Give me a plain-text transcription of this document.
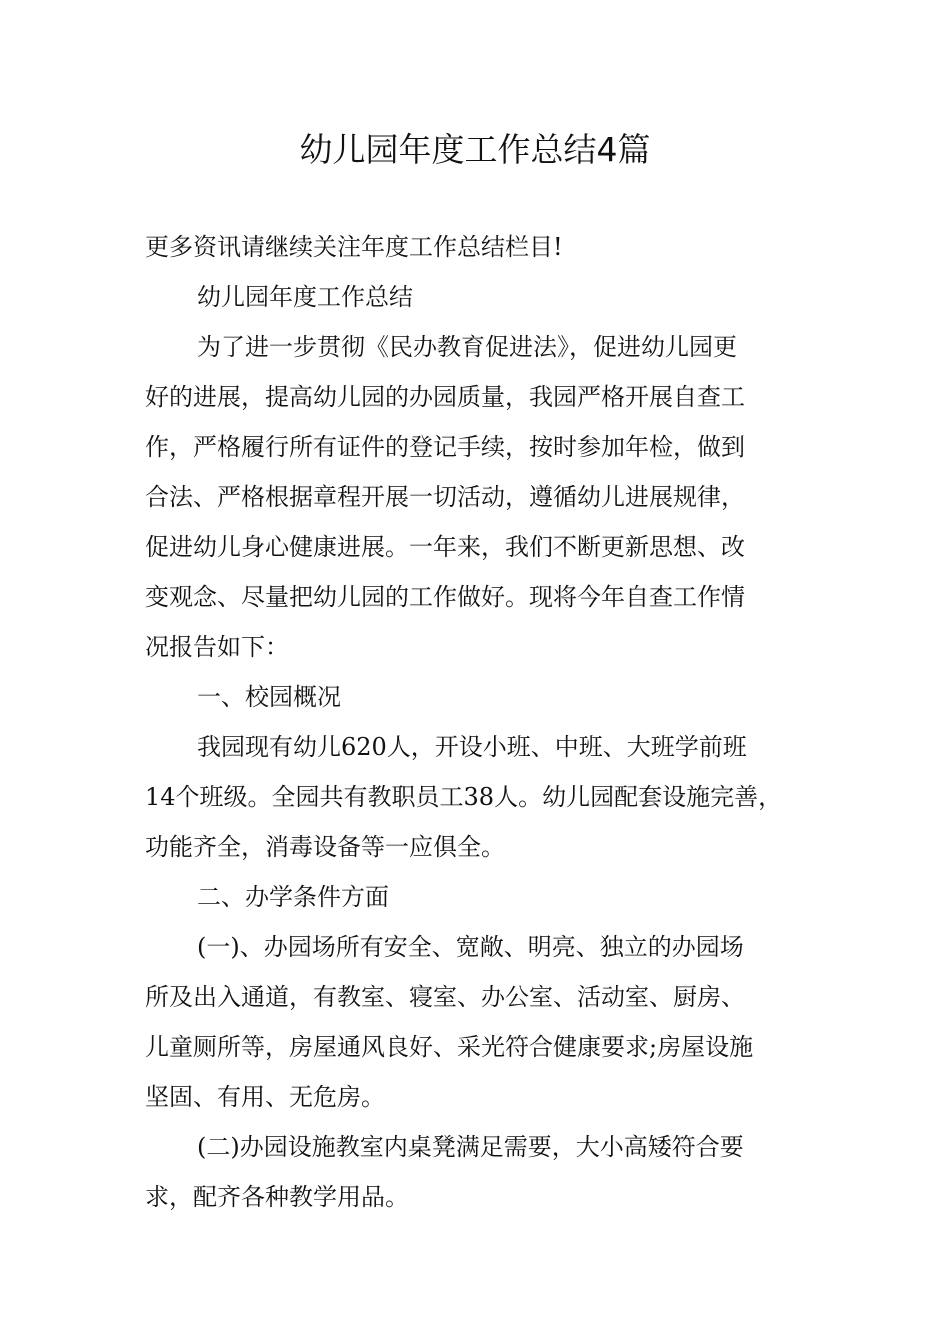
幼儿园年度工作总结4篇
更多资讯请继续关注年度工作总结栏目!
幼儿园年度工作总结
为了进一步贯彻《民办教育促进法》，促进幼儿园更
好的进展，提高幼儿园的办园质量，我园严格开展自查工
作，严格履行所有证件的登记手续，按时参加年检，做到
合法、严格根据章程开展一切活动，遵循幼儿进展规律，
促进幼儿身心健康进展。一年来，我们不断更新思想、改
变观念、尽量把幼儿园的工作做好。现将今年自查工作情
况报告如下：
一、校园概况
我园现有幼儿620人，开设小班、中班、大班学前班
14个班级。全园共有教职员工38人。幼儿园配套设施完善，
功能齐全，消毒设备等一应俱全。
二、办学条件方面
(一)、办园场所有安全、宽敞、明亮、独立的办园场
所及出入通道，有教室、寝室、办公室、活动室、厨房、
儿童厕所等，房屋通风良好、采光符合健康要求;房屋设施
坚固、有用、无危房。
(二)办园设施教室内桌凳满足需要，大小高矮符合要
求，配齐各种教学用品。
